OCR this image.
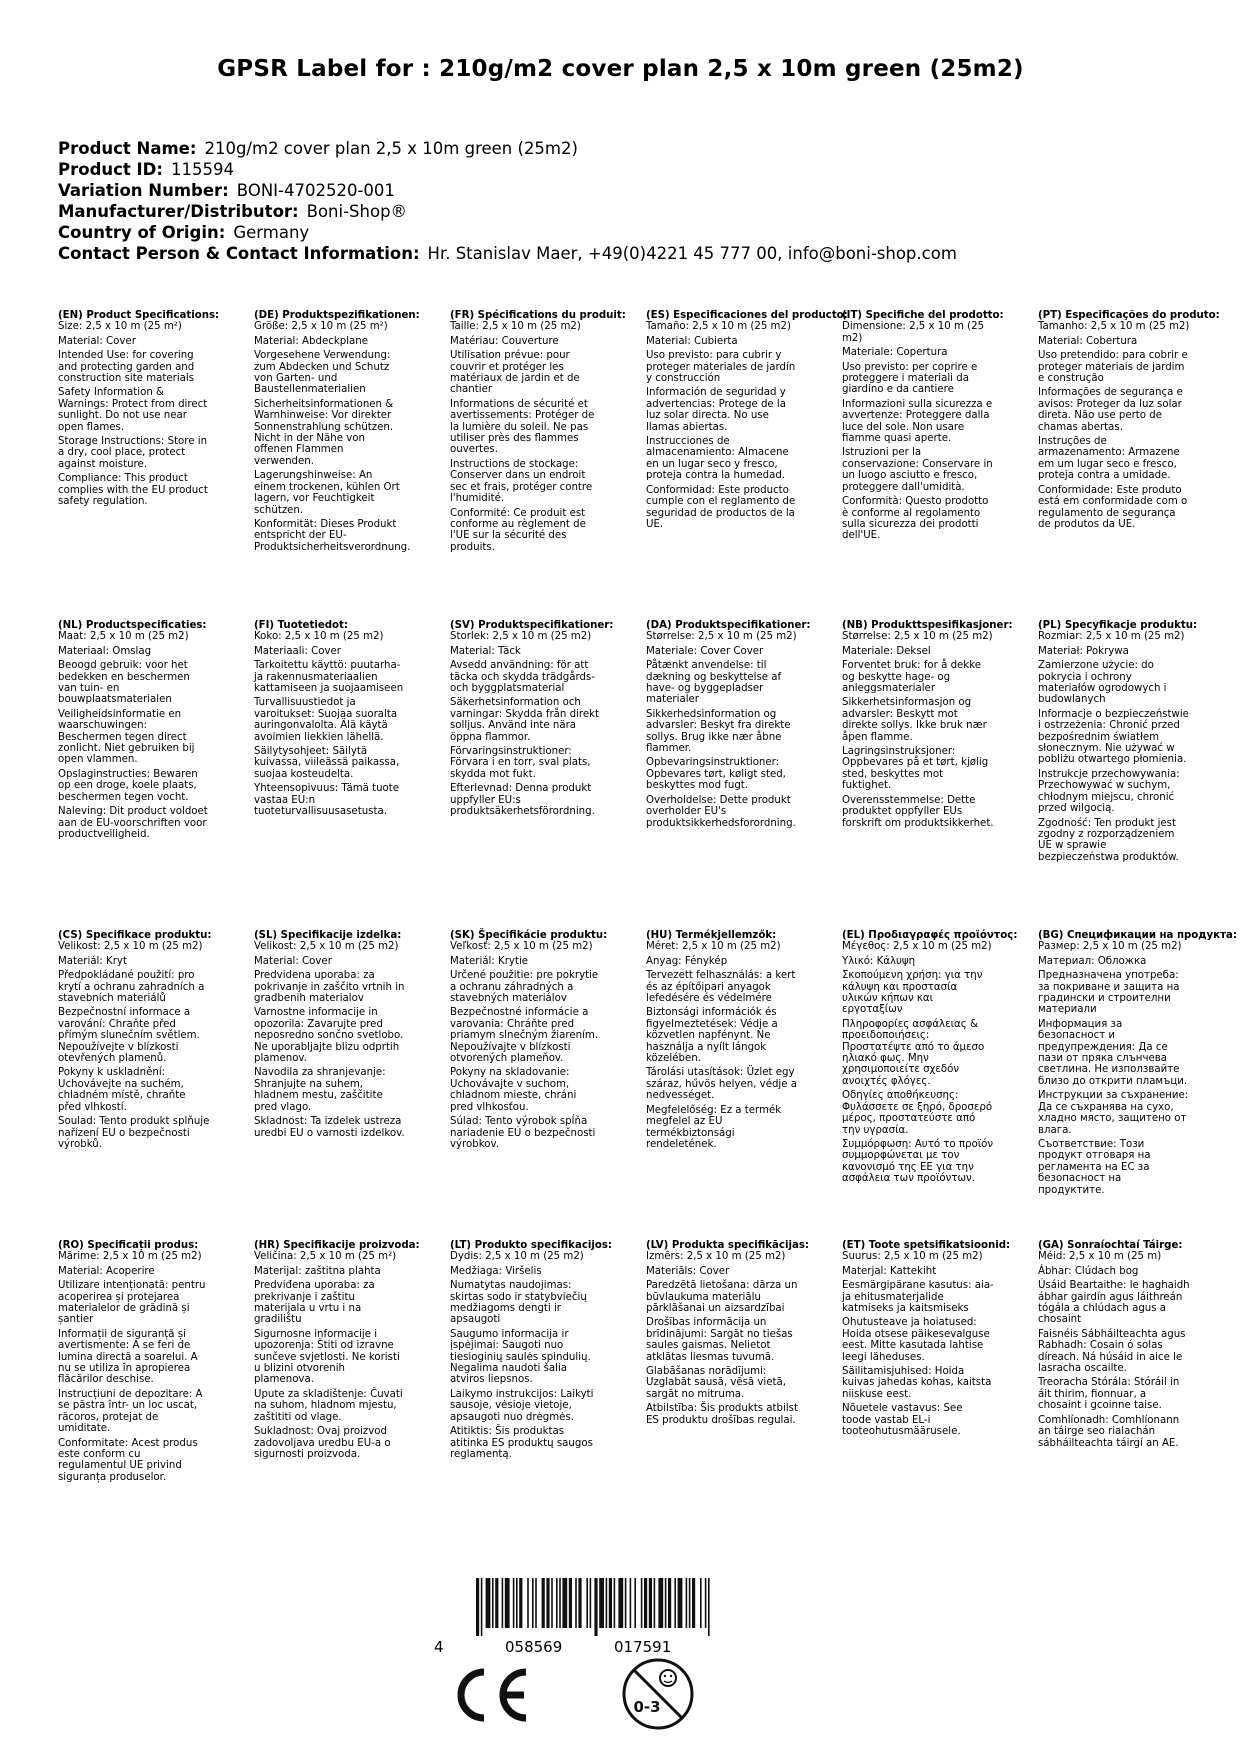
GPSR Label for : 210g/m2 cover plan 2,5 x 10m green (25m2)
Product Name: 210g/m2 cover plan 2,5 x 10m green (25m2)
Product ID: 115594
Variation Number: BONI-4702520-001
Manufacturer/Distributor: Boni-Shop®
Country of Origin: Germany
Contact Person & Contact Information: Hr. Stanislav Maer, +49(0)4221 45 777 00, info@boni-shop.com
(EN) Product Specifications:
Size: 2,5 x 10 m (25 m²)

Material: Cover

Intended Use: for covering and protecting garden and construction site materials

Safety Information & Warnings: Protect from direct sunlight. Do not use near open flames.

Storage Instructions: Store in a dry, cool place, protect against moisture.

Compliance: This product complies with the EU product safety regulation.

(DE) Produktspezifikationen:
Größe: 2,5 x 10 m (25 m²)

Material: Abdeckplane

Vorgesehene Verwendung: zum Abdecken und Schutz von Garten- und Baustellenmaterialien

Sicherheitsinformationen & Warnhinweise: Vor direkter Sonnenstrahlung schützen. Nicht in der Nähe von offenen Flammen verwenden.

Lagerungshinweise: An einem trockenen, kühlen Ort lagern, vor Feuchtigkeit schützen.

Konformität: Dieses Produkt entspricht der EU-Produktsicherheitsverordnung.

(FR) Spécifications du produit:
Taille: 2,5 x 10 m (25 m2)

Matériau: Couverture

Utilisation prévue: pour couvrir et protéger les matériaux de jardin et de chantier

Informations de sécurité et avertissements: Protéger de la lumière du soleil. Ne pas utiliser près des flammes ouvertes.

Instructions de stockage: Conserver dans un endroit sec et frais, protéger contre l'humidité.

Conformité: Ce produit est conforme au règlement de l'UE sur la sécurité des produits.

(ES) Especificaciones del producto:
Tamaño: 2,5 x 10 m (25 m2)

Material: Cubierta

Uso previsto: para cubrir y proteger materiales de jardín y construcción

Información de seguridad y advertencias: Protege de la luz solar directa. No use llamas abiertas.

Instrucciones de almacenamiento: Almacene en un lugar seco y fresco, proteja contra la humedad.

Conformidad: Este producto cumple con el reglamento de seguridad de productos de la UE.

(IT) Specifiche del prodotto:
Dimensione: 2,5 x 10 m (25 m2)

Materiale: Copertura

Uso previsto: per coprire e proteggere i materiali da giardino e da cantiere

Informazioni sulla sicurezza e avvertenze: Proteggere dalla luce del sole. Non usare fiamme quasi aperte.

Istruzioni per la conservazione: Conservare in un luogo asciutto e fresco, proteggere dall'umidità.

Conformità: Questo prodotto è conforme al regolamento sulla sicurezza dei prodotti dell'UE.

(PT) Especificações do produto:
Tamanho: 2,5 x 10 m (25 m2)

Material: Cobertura

Uso pretendido: para cobrir e proteger materiais de jardim e construção

Informações de segurança e avisos: Proteger da luz solar direta. Não use perto de chamas abertas.

Instruções de armazenamento: Armazene em um lugar seco e fresco, proteja contra a umidade.

Conformidade: Este produto está em conformidade com o regulamento de segurança de produtos da UE.

(NL) Productspecificaties:
Maat: 2,5 x 10 m (25 m2)

Materiaal: Omslag

Beoogd gebruik: voor het bedekken en beschermen van tuin- en bouwplaatsmaterialen

Veiligheidsinformatie en waarschuwingen: Beschermen tegen direct zonlicht. Niet gebruiken bij open vlammen.

Opslaginstructies: Bewaren op een droge, koele plaats, beschermen tegen vocht.

Naleving: Dit product voldoet aan de EU-voorschriften voor productveiligheid.

(FI) Tuotetiedot:
Koko: 2,5 x 10 m (25 m2)

Materiaali: Cover

Tarkoitettu käyttö: puutarha- ja rakennusmateriaalien kattamiseen ja suojaamiseen

Turvallisuustiedot ja varoitukset: Suojaa suoralta auringonvalolta. Älä käytä avoimien liekkien lähellä.

Säilytysohjeet: Säilytä kuivassa, viileässä paikassa, suojaa kosteudelta.

Yhteensopivuus: Tämä tuote vastaa EU:n tuoteturvallisuusasetusta.

(SV) Produktspecifikationer:
Storlek: 2,5 x 10 m (25 m2)

Material: Täck

Avsedd användning: för att täcka och skydda trädgårds- och byggplatsmaterial

Säkerhetsinformation och varningar: Skydda från direkt solljus. Använd inte nära öppna flammor.

Förvaringsinstruktioner: Förvara i en torr, sval plats, skydda mot fukt.

Efterlevnad: Denna produkt uppfyller EU:s produktsäkerhetsförordning.

(DA) Produktspecifikationer:
Størrelse: 2,5 x 10 m (25 m2)

Materiale: Cover Cover

Påtænkt anvendelse: til dækning og beskyttelse af have- og byggepladser materialer

Sikkerhedsinformation og advarsler: Beskyt fra direkte sollys. Brug ikke nær åbne flammer.

Opbevaringsinstruktioner: Opbevares tørt, køligt sted, beskyttes mod fugt.

Overholdelse: Dette produkt overholder EU's produktsikkerhedsforordning.

(NB) Produkttspesifikasjoner:
Størrelse: 2,5 x 10 m (25 m2)

Materiale: Deksel

Forventet bruk: for å dekke og beskytte hage- og anleggsmaterialer

Sikkerhetsinformasjon og advarsler: Beskytt mot direkte sollys. Ikke bruk nær åpen flamme.

Lagringsinstruksjoner: Oppbevares på et tørt, kjølig sted, beskyttes mot fuktighet.

Overensstemmelse: Dette produktet oppfyller EUs forskrift om produktsikkerhet.

(PL) Specyfikacje produktu:
Rozmiar: 2,5 x 10 m (25 m2)

Materiał: Pokrywa

Zamierzone użycie: do pokrycia i ochrony materiałów ogrodowych i budowlanych

Informacje o bezpieczeństwie i ostrzeżenia: Chronić przed bezpośrednim światłem słonecznym. Nie używać w pobliżu otwartego płomienia.

Instrukcje przechowywania: Przechowywać w suchym, chłodnym miejscu, chronić przed wilgocią.

Zgodność: Ten produkt jest zgodny z rozporządzeniem UE w sprawie bezpieczeństwa produktów.

(CS) Specifikace produktu:
Velikost: 2,5 x 10 m (25 m2)

Materiál: Kryt

Předpokládané použití: pro krytí a ochranu zahradních a stavebních materiálů

Bezpečnostní informace a varování: Chraňte před přímým slunečním světlem. Nepoužívejte v blízkosti otevřených plamenů.

Pokyny k uskladnění: Uchovávejte na suchém, chladném místě, chraňte před vlhkostí.

Soulad: Tento produkt splňuje nařízení EU o bezpečnosti výrobků.

(SL) Specifikacije izdelka:
Velikost: 2,5 x 10 m (25 m2)

Material: Cover

Predvidena uporaba: za pokrivanje in zaščito vrtnih in gradbenih materialov

Varnostne informacije in opozorila: Zavarujte pred neposredno sončno svetlobo. Ne uporabljajte blizu odprtih plamenov.

Navodila za shranjevanje: Shranjujte na suhem, hladnem mestu, zaščitite pred vlago.

Skladnost: Ta izdelek ustreza uredbi EU o varnosti izdelkov.

(SK) Špecifikácie produktu:
Veľkosť: 2,5 x 10 m (25 m2)

Materiál: Krytie

Určené použitie: pre pokrytie a ochranu záhradných a stavebných materiálov

Bezpečnostné informácie a varovania: Chráňte pred priamym slnečným žiarením. Nepoužívajte v blízkosti otvorených plameňov.

Pokyny na skladovanie: Uchovávajte v suchom, chladnom mieste, chráni pred vlhkosťou.

Súlad: Tento výrobok spĺňa nariadenie EÚ o bezpečnosti výrobkov.

(HU) Termékjellemzők:
Méret: 2,5 x 10 m (25 m2)

Anyag: Fénykép

Tervezett felhasználás: a kert és az építőipari anyagok lefedésére és védelmére

Biztonsági információk és figyelmeztetések: Védje a közvetlen napfénynt. Ne használja a nyílt lángok közelében.

Tárolási utasítások: Üzlet egy száraz, hűvös helyen, védje a nedvességet.

Megfelelőség: Ez a termék megfelel az EU termékbiztonsági rendeletének.

(EL) Προδιαγραφές προϊόντος:
Μέγεθος: 2,5 x 10 m (25 m2)

Υλικό: Κάλυψη

Σκοπούμενη χρήση: για την κάλυψη και προστασία υλικών κήπων και εργοταξίων

Πληροφορίες ασφάλειας & προειδοποιήσεις: Προστατέψτε από το άμεσο ηλιακό φως. Μην χρησιμοποιείτε σχεδόν ανοιχτές φλόγες.

Οδηγίες αποθήκευσης: Φυλάσσετε σε ξηρό, δροσερό μέρος, προστατεύστε από την υγρασία.

Συμμόρφωση: Αυτό το προϊόν συμμορφώνεται με τον κανονισμό της ΕΕ για την ασφάλεια των προϊόντων.

(BG) Спецификации на продукта:
Размер: 2,5 x 10 m (25 m2)

Материал: Обложка

Предназначена употреба: за покриване и защита на градински и строителни материали

Информация за безопасност и предупреждения: Да се пази от пряка слънчева светлина. Не използвайте близо до открити пламъци.

Инструкции за съхранение: Да се съхранява на сухо, хладно място, защитено от влага.

Съответствие: Този продукт отговаря на регламента на ЕС за безопасност на продуктите.

(RO) Specificații produs:
Mărime: 2,5 x 10 m (25 m2)

Material: Acoperire

Utilizare intenționată: pentru acoperirea și protejarea materialelor de grădină și șantier

Informații de siguranță și avertismente: A se feri de lumina directă a soarelui. A nu se utiliza în apropierea flăcărilor deschise.

Instrucțiuni de depozitare: A se păstra într- un loc uscat, răcoros, protejat de umiditate.

Conformitate: Acest produs este conform cu regulamentul UE privind siguranța produselor.

(HR) Specifikacije proizvoda:
Veličina: 2,5 x 10 m (25 m²)

Materijal: zaštitna plahta

Predviđena uporaba: za prekrivanje i zaštitu materijala u vrtu i na gradilištu

Sigurnosne informacije i upozorenja: Štiti od izravne sunčeve svjetlosti. Ne koristi u blizini otvorenih plamenova.

Upute za skladištenje: Čuvati na suhom, hladnom mjestu, zaštititi od vlage.

Sukladnost: Ovaj proizvod zadovoljava uredbu EU-a o sigurnosti proizvoda.

(LT) Produkto specifikacijos:
Dydis: 2,5 x 10 m (25 m2)

Medžiaga: Viršelis

Numatytas naudojimas: skirtas sodo ir statybviečių medžiagoms dengti ir apsaugoti

Saugumo informacija ir įspėjimai: Saugoti nuo tiesioginių saulės spindulių. Negalima naudoti šalia atviros liepsnos.

Laikymo instrukcijos: Laikyti sausoje, vėsioje vietoje, apsaugoti nuo drėgmės.

Atitiktis: Šis produktas atitinka ES produktų saugos reglamentą.

(LV) Produkta specifikācijas:
Izmērs: 2,5 x 10 m (25 m2)

Materiāls: Cover

Paredzētā lietošana: dārza un būvlaukuma materiālu pārklāšanai un aizsardzībai

Drošības informācija un brīdinājumi: Sargāt no tiešas saules gaismas. Nelietot atklātas liesmas tuvumā.

Glabāšanas norādījumi: Uzglabāt sausā, vēsā vietā, sargāt no mitruma.

Atbilstība: Šis produkts atbilst ES produktu drošības regulai.

(ET) Toote spetsifikatsioonid:
Suurus: 2,5 x 10 m (25 m2)

Materjal: Kattekiht

Eesmärgipärane kasutus: aia- ja ehitusmaterjalide katmiseks ja kaitsmiseks

Ohutusteave ja hoiatused: Hoida otsese päikesevalguse eest. Mitte kasutada lahtise leegi läheduses.

Säilitamisjuhised: Hoida kuivas jahedas kohas, kaitsta niiskuse eest.

Nõuetele vastavus: See toode vastab EL-i tooteohutusmäärusele.

(GA) Sonraíochtaí Táirge:
Méid: 2,5 x 10 m (25 m)

Ábhar: Clúdach bog

Úsáid Beartaithe: le haghaidh ábhar gairdín agus láithreán tógála a chlúdach agus a chosaint

Faisnéis Sábháilteachta agus Rabhadh: Cosain ó solas díreach. Ná húsáid in aice le lasracha oscailte.

Treoracha Stórála: Stóráil in áit thirim, fionnuar, a chosaint i gcoinne taise.

Comhlíonadh: Comhlíonann an táirge seo rialachán sábháilteachta táirgí an AE.

4	058569	017591
0-3
